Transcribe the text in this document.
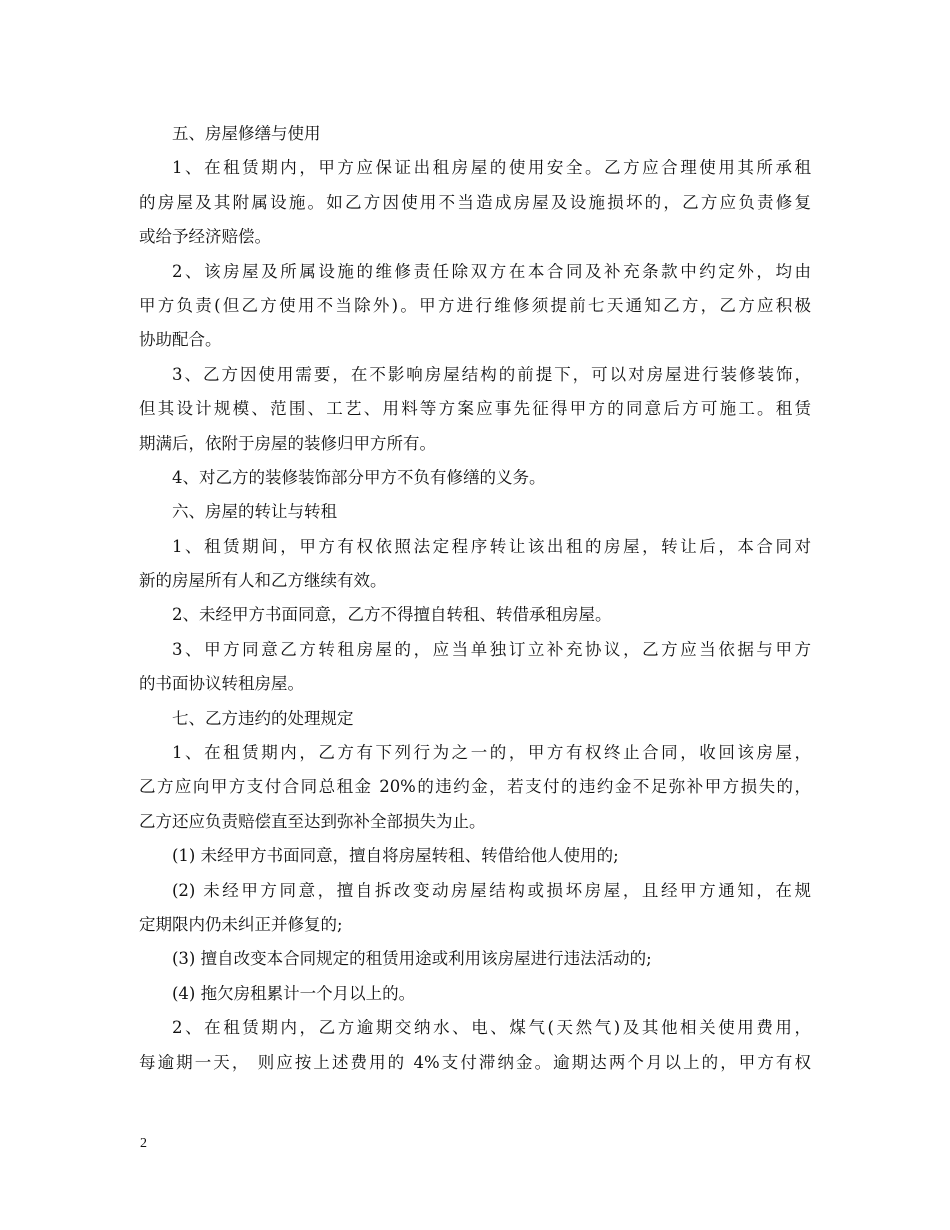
五、房屋修缮与使用
1、在租赁期内，甲方应保证出租房屋的使用安全。乙方应合理使用其所承租
的房屋及其附属设施。如乙方因使用不当造成房屋及设施损坏的，乙方应负责修复
或给予经济赔偿。
2、该房屋及所属设施的维修责任除双方在本合同及补充条款中约定外，均由
甲方负责(但乙方使用不当除外)。甲方进行维修须提前七天通知乙方，乙方应积极
协助配合。
3、乙方因使用需要，在不影响房屋结构的前提下，可以对房屋进行装修装饰，
但其设计规模、范围、工艺、用料等方案应事先征得甲方的同意后方可施工。租赁
期满后，依附于房屋的装修归甲方所有。
4、对乙方的装修装饰部分甲方不负有修缮的义务。
六、房屋的转让与转租
1、租赁期间，甲方有权依照法定程序转让该出租的房屋，转让后，本合同对
新的房屋所有人和乙方继续有效。
2、未经甲方书面同意，乙方不得擅自转租、转借承租房屋。
3、甲方同意乙方转租房屋的，应当单独订立补充协议，乙方应当依据与甲方
的书面协议转租房屋。
七、乙方违约的处理规定
1、在租赁期内，乙方有下列行为之一的，甲方有权终止合同，收回该房屋，
乙方应向甲方支付合同总租金 20%的违约金，若支付的违约金不足弥补甲方损失的，
乙方还应负责赔偿直至达到弥补全部损失为止。
(1) 未经甲方书面同意，擅自将房屋转租、转借给他人使用的;
(2) 未经甲方同意，擅自拆改变动房屋结构或损坏房屋，且经甲方通知，在规
定期限内仍未纠正并修复的;
(3) 擅自改变本合同规定的租赁用途或利用该房屋进行违法活动的;
(4) 拖欠房租累计一个月以上的。
2、在租赁期内，乙方逾期交纳水、电、煤气(天然气)及其他相关使用费用，
每逾期一天， 则应按上述费用的 4%支付滞纳金。逾期达两个月以上的，甲方有权
2
